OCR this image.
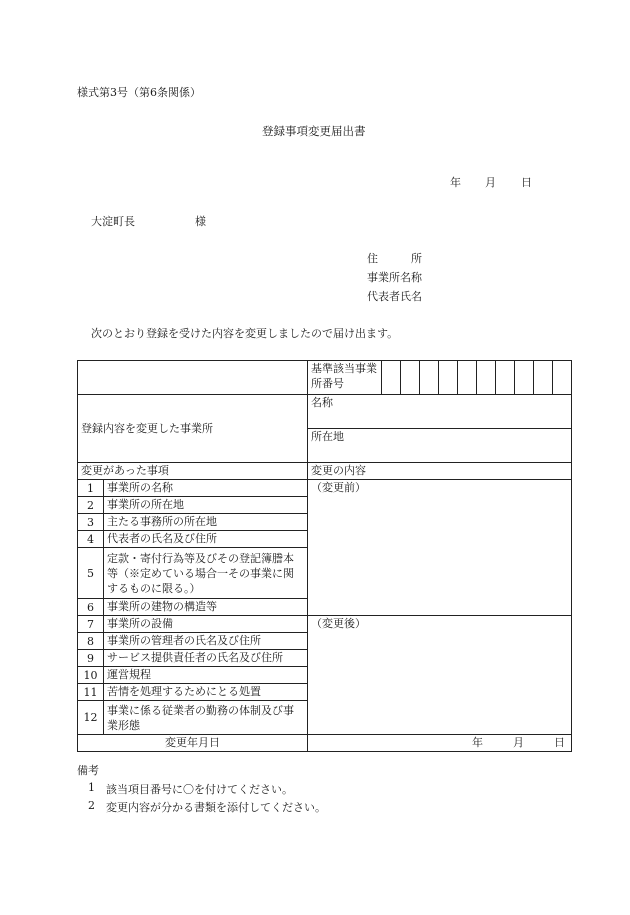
様式第3号（第6条関係）
登録事項変更届出書
年 月 日
大淀町長	様
住　　　所
事業所名称
代表者氏名
次のとおり登録を受けた内容を変更しましたので届け出ます。
		基準該当事業所番号										
登録内容を変更した事業所		名称										
		所在地										
変更があった事項		変更の内容										
1	事業所の名称	（変更前）										
2	事業所の所在地											
3	主たる事務所の所在地											
4	代表者の氏名及び住所											
5	定款・寄付行為等及びその登記簿謄本等（※定めている場合一その事業に関するものに限る。）											
6	事業所の建物の構造等											
7	事業所の設備	（変更後）										
8	事業所の管理者の氏名及び住所											
9	サービス提供責任者の氏名及び住所											
10	運営規程											
11	苦情を処理するためにとる処置											
12	事業に係る従業者の勤務の体制及び事業形態											
変更年月日		年 月 日										
備考
1 該当項目番号に〇を付けてください。
2 変更内容が分かる書類を添付してください。
